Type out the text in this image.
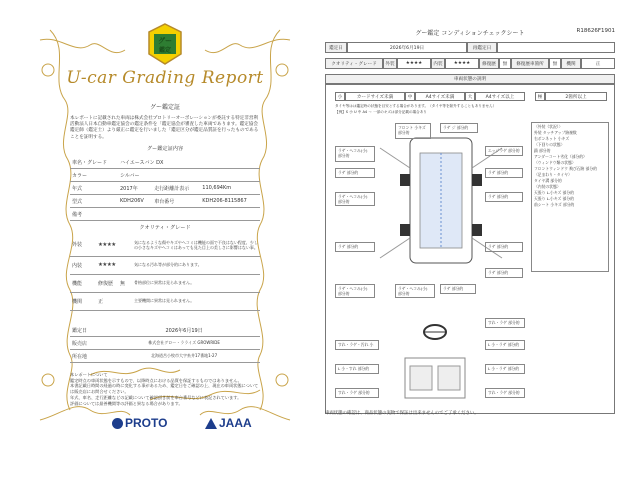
グー
鑑定
U-car Grading Report
グー鑑定証
本レポートに記載された車両は株式会社プロトリーオーポレーションが委託する特定非営利活動法人日本自動車鑑定協会の鑑定条件を「鑑定協会が審査した車両であります。鑑定協会鑑定師（鑑定士）より厳正に鑑定を行いました「鑑定区分が鑑定品質証を行ったものであることを証明する。
グー鑑定証内容
車名・グレード	ハイエースバン DX		
カラー	シルバー		
年式	2017年	走行距離計表示	110,694Km
型式	KDH206V	車台番号	KDH206-8115867
備考			
クオリティ・グレード
外装	★★★★		気になるような傷やキズやヘコミは機能の面で不良はない程度、少しの小さなキズやヘコミはあっても見た目上の美しさに影響はない事。
内装	★★★★		気になる汚れ等が部分的にあります。
機能	修復歴	無	骨格部位に異常は見られません。
機関	正		主要機関に異常は見られません。
鑑定日	2026年6月19日
販売店	株式会社グロー・ラライズ GROWRIDE
所在地	北海道苫小牧市大字糸井17番地1-27
本レポートについて
鑑定時点の車両状態を示すもので、以降時点における品質を保証するものではありません。
本書記載日時間の経過の時に変化する事があるため、鑑定日をご確認の上、現在の車両状態については販売店にお問合せください。
年式、車名、走行距離などの記載について確認頂き前を車台番号などに表記されています。
評価については最善機関等の評価と異なる場合があります。
PROTO	JAAA
グー鑑定 コンディションチェックシート	R18626F1901
鑑定日	2026年6月19日	再鑑定日
クオリティ・グレード	外装	★★★★	内装	★★★★	修復歴	無	修復歴車箇所	無	機関	正
車両状態の説明
小	カードサイズ未満	中	A4サイズ未満	大	A4サイズ以上	極	2箇所以上
タイヤ等はは鑑定時の状態を目安とする場合があります。（タイヤ等を除外することもありません）
【例】S 小 U 中 A4 ～ 一部のキズは部分記載の場合あり
フロント 小キズ 部分的
ラゲ ジ 部分的
ラゲ・ヘコみ(小) 部分的
エッジラゲ 部分的
ラゲ 部分的	ラゲ 部分的
ラゲ・ヘコみ(小) 部分的
ラゲ 部分的
ラゲ 部分的	ラゲ 部分的
ラゲ・ヘコみ(小) 部分的
ラゲ 部分的
ラゲ・ヘコみ(小) 部分的
ラゲ 部分的
〈外装（状況）〉
外装 タッチアップ跡複数
右ボンネット 小キズ
〈下回りの状態〉
錆 部分的
アンダーコート劣化（部分的）
〈ウィンドウ類の状態〉
フロントウィンドウ 飛び石跡 部分的
〈足まわり・タイヤ〉
タイヤ溝 部分的
〈内装の状態〉
天張り L-小キズ 部分的
天張り L-小キズ 部分的
前シート 小キズ 部分的
すれ・ラゲ・汚れ 小
すれ・ラゲ 部分的
L 小・ラゲ 部分的
L 小・すれ 部分的	L 小・ラゲ 部分的
すれ・ラゲ 部分的	すれ・ラゲ 部分的
車両状態の確認は、商品状態の実物で保証は出来ませんのでご了承ください。
